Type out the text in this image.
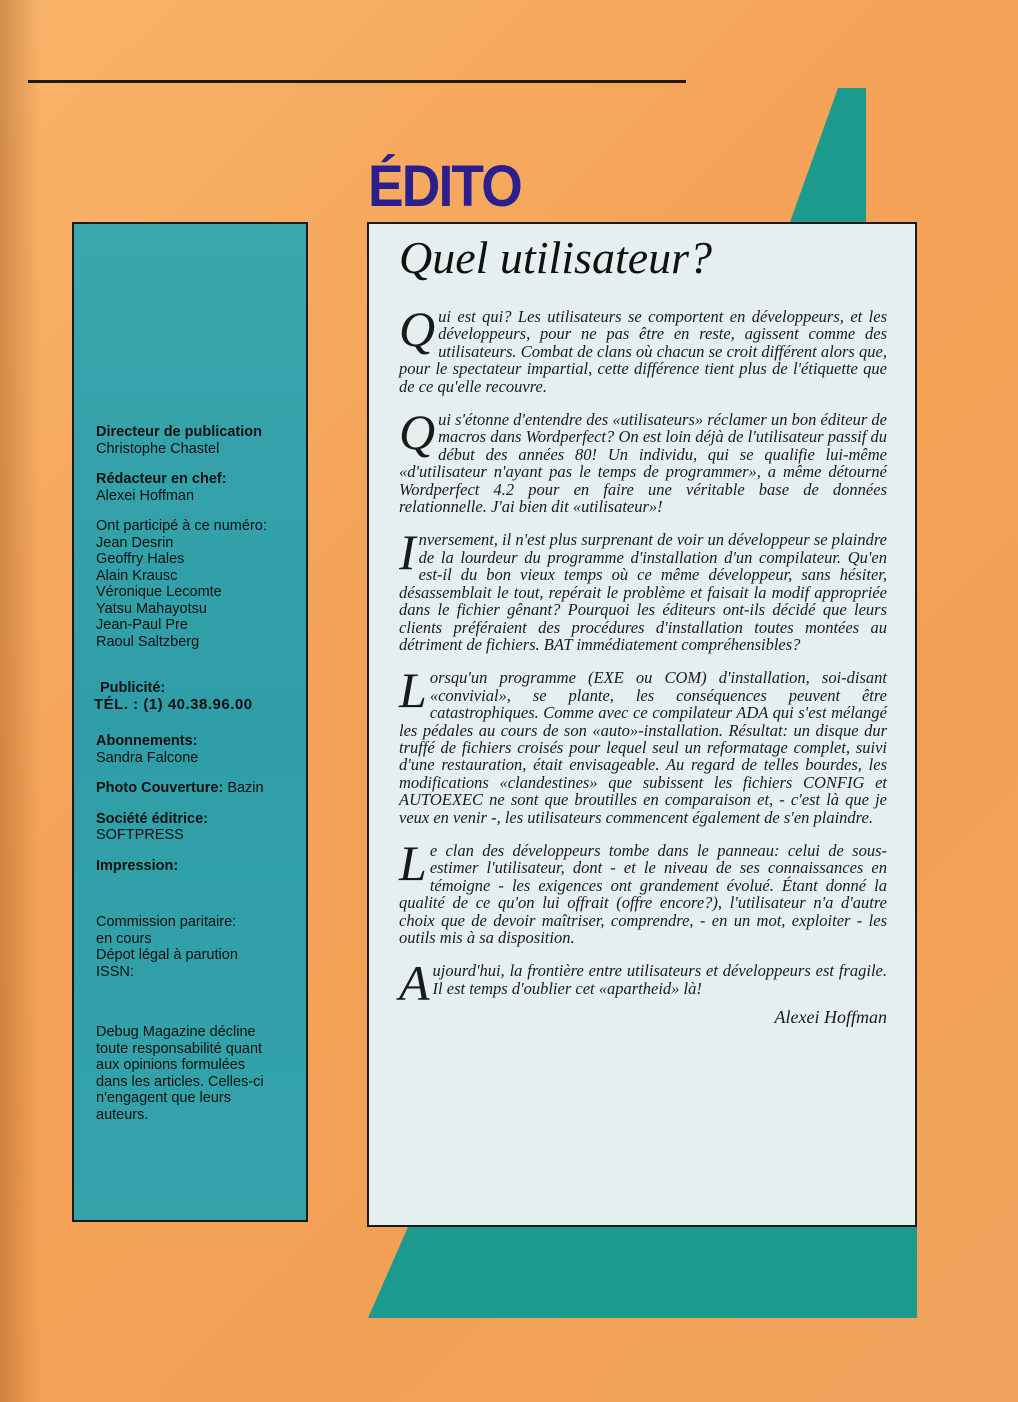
ÉDITO
Directeur de publication
Christophe Chastel
Rédacteur en chef:
Alexei Hoffman
Ont participé à ce numéro:
Jean Desrin
Geoffry Hales
Alain Krausc
Véronique Lecomte
Yatsu Mahayotsu
Jean-Paul Pre
Raoul Saltzberg
Publicité:
TÉL. : (1) 40.38.96.00
Abonnements:
Sandra Falcone
Photo Couverture: Bazin
Société éditrice:
SOFTPRESS
Impression:
Commission paritaire:
en cours
Dépot légal à parution
ISSN:
Debug Magazine décline
toute responsabilité quant
aux opinions formulées
dans les articles. Celles-ci
n'engagent que leurs
auteurs.
Quel utilisateur?

Qui est qui? Les utilisateurs se comportent en développeurs, et les développeurs, pour ne pas être en reste, agissent comme des utilisateurs. Combat de clans où chacun se croit différent alors que, pour le spectateur impartial, cette différence tient plus de l'étiquette que de ce qu'elle recouvre.

Qui s'étonne d'entendre des «utilisateurs» réclamer un bon éditeur de macros dans Wordperfect? On est loin déjà de l'utilisateur passif du début des années 80! Un individu, qui se qualifie lui-même «d'utilisateur n'ayant pas le temps de programmer», a même détourné Wordperfect 4.2 pour en faire une véritable base de données relationnelle. J'ai bien dit «utilisateur»!

Inversement, il n'est plus surprenant de voir un développeur se plaindre de la lourdeur du programme d'installation d'un compilateur. Qu'en est-il du bon vieux temps où ce même développeur, sans hésiter, désassemblait le tout, repérait le problème et faisait la modif appropriée dans le fichier gênant? Pourquoi les éditeurs ont-ils décidé que leurs clients préféraient des procédures d'installation toutes montées au détriment de fichiers. BAT immédiatement compréhensibles?

Lorsqu'un programme (EXE ou COM) d'installation, soi-disant «convivial», se plante, les conséquences peuvent être catastrophiques. Comme avec ce compilateur ADA qui s'est mélangé les pédales au cours de son «auto»-installation. Résultat: un disque dur truffé de fichiers croisés pour lequel seul un reformatage complet, suivi d'une restauration, était envisageable. Au regard de telles bourdes, les modifications «clandestines» que subissent les fichiers CONFIG et AUTOEXEC ne sont que broutilles en comparaison et, - c'est là que je veux en venir -, les utilisateurs commencent également de s'en plaindre.

Le clan des développeurs tombe dans le panneau: celui de sous-estimer l'utilisateur, dont - et le niveau de ses connaissances en témoigne - les exigences ont grandement évolué. Étant donné la qualité de ce qu'on lui offrait (offre encore?), l'utilisateur n'a d'autre choix que de devoir maîtriser, comprendre, - en un mot, exploiter - les outils mis à sa disposition.

Aujourd'hui, la frontière entre utilisateurs et développeurs est fragile. Il est temps d'oublier cet «apartheid» là!

Alexei Hoffman
